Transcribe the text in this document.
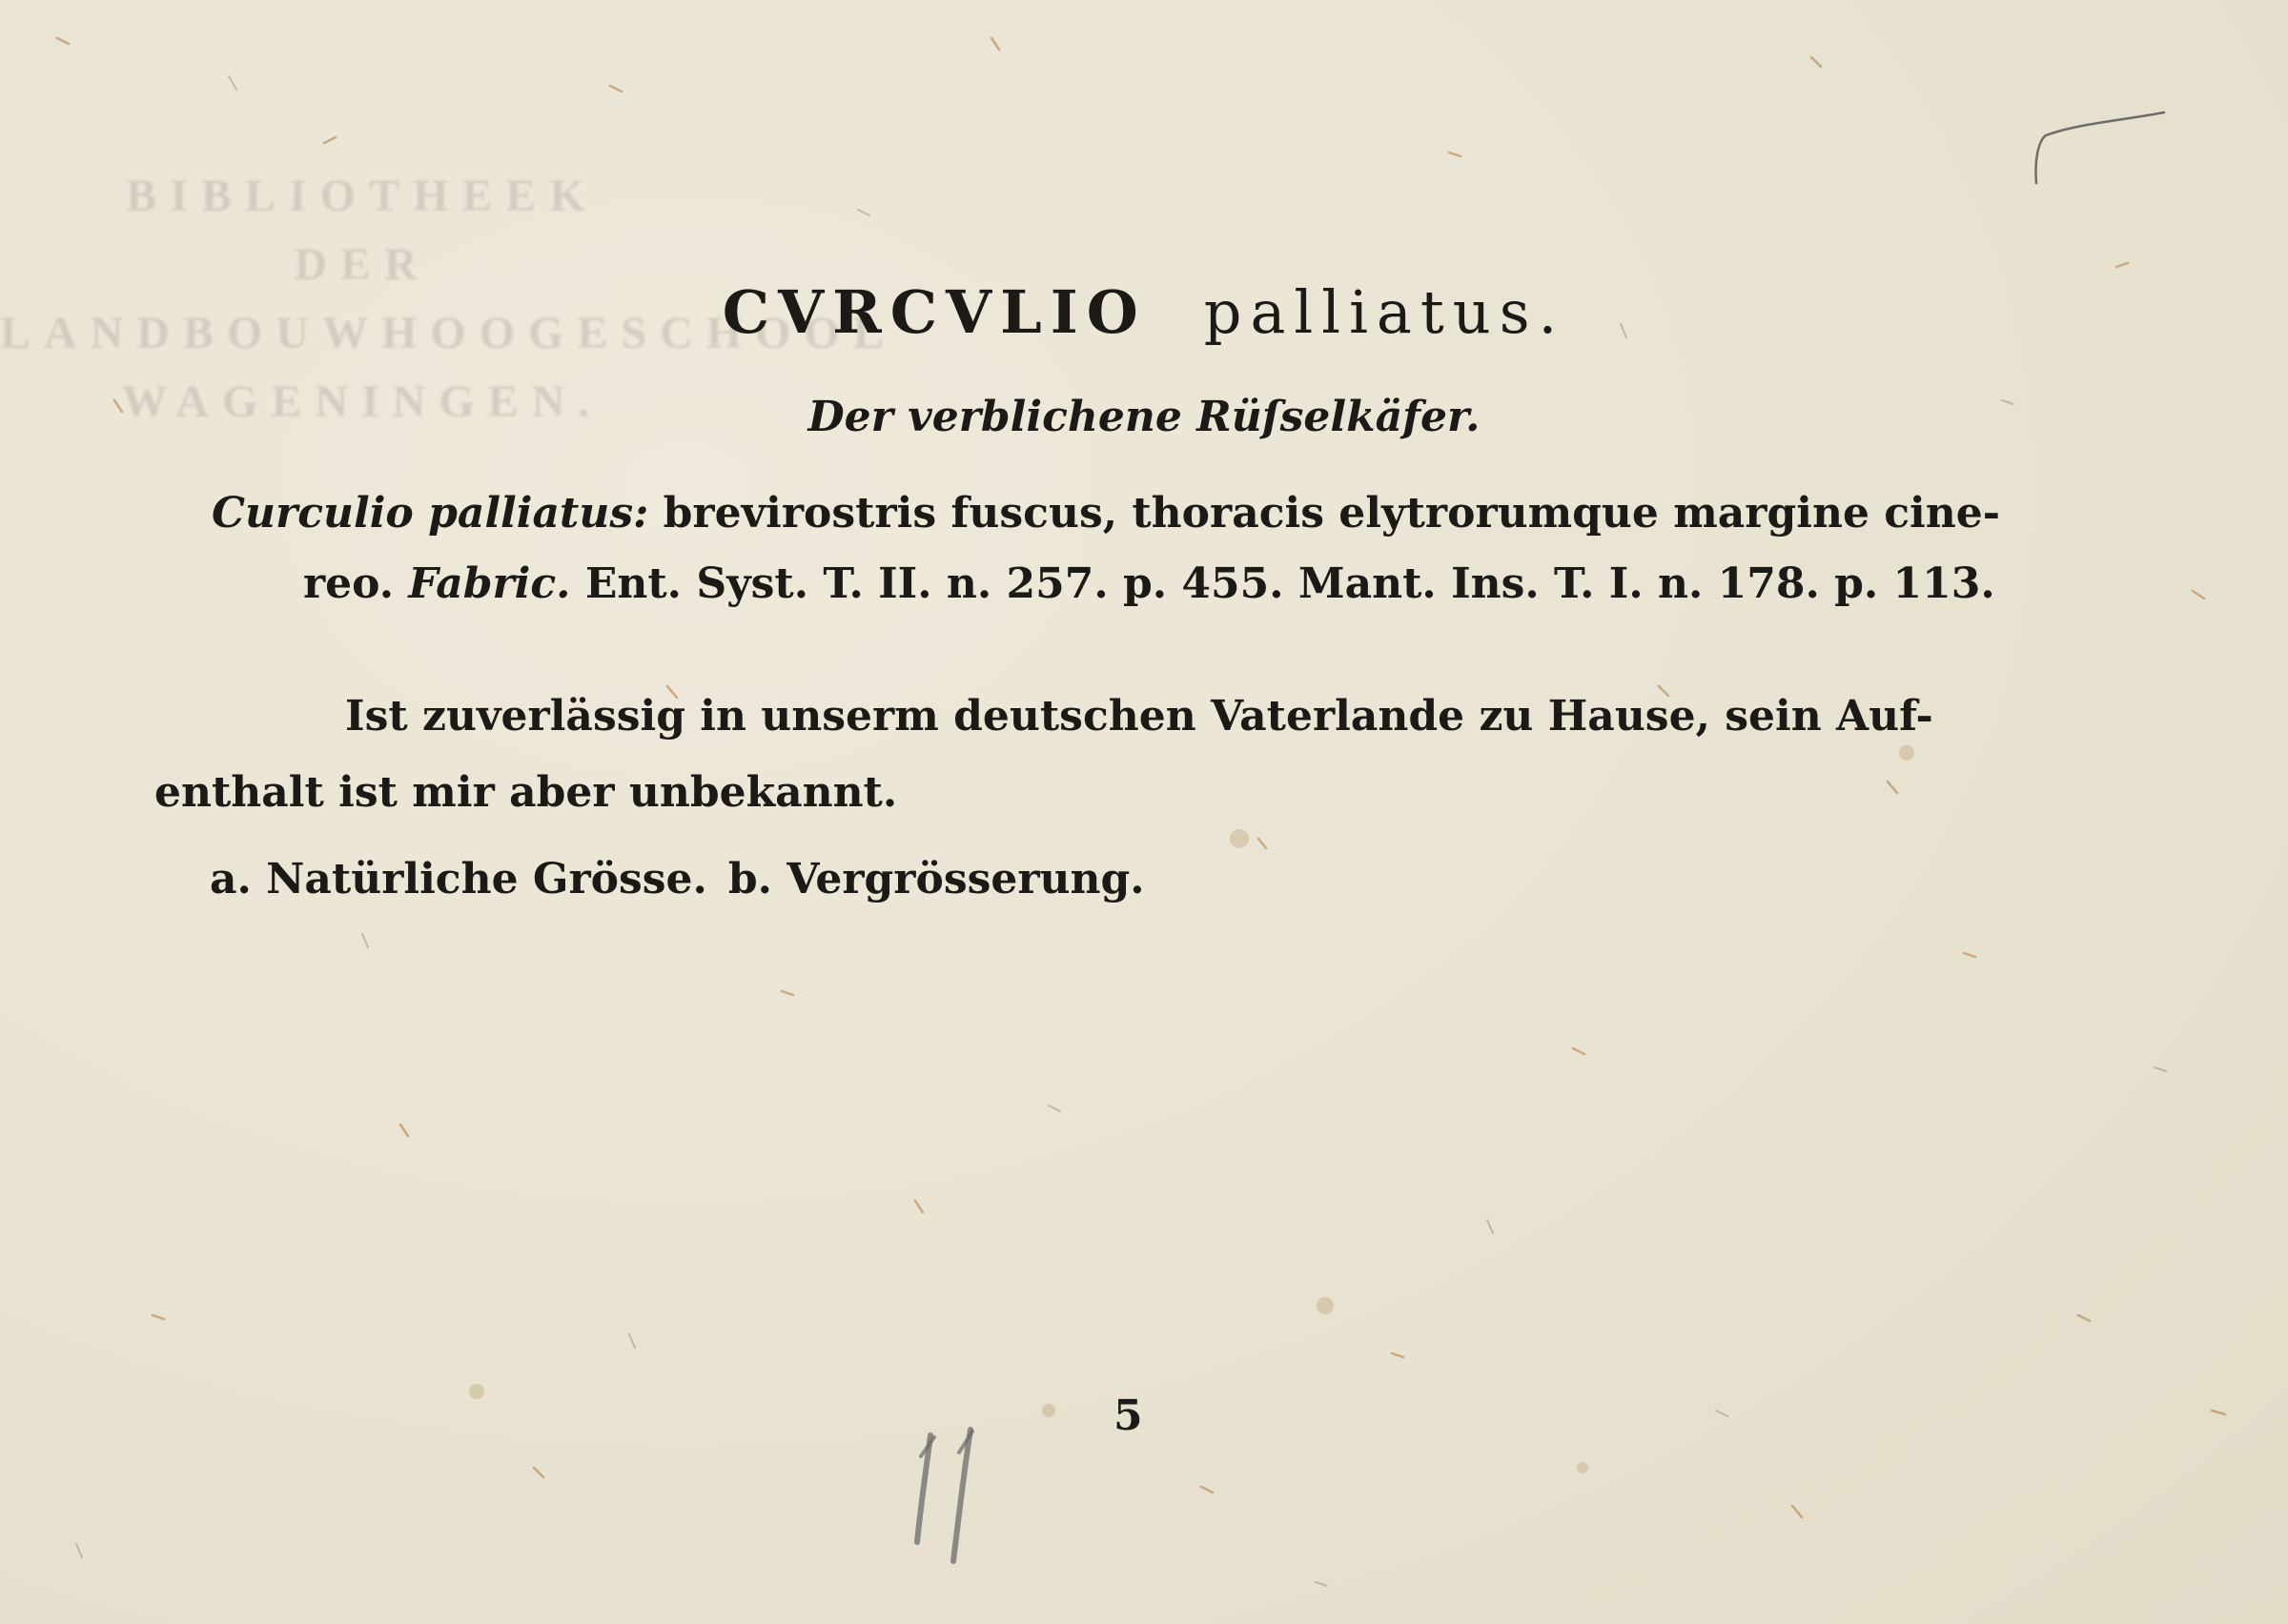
BIBLIOTHEEK
DER
LANDBOUWHOOGESCHOOL
WAGENINGEN.
CVRCVLIO palliatus.
Der verblichene Rüſselkäfer.
Curculio palliatus: brevirostris fuscus, thoracis elytrorumque margine cine-
reo. Fabric. Ent. Syst. T. II. n. 257. p. 455. Mant. Ins. T. I. n. 178. p. 113.
Ist zuverlässig in unserm deutschen Vaterlande zu Hause, sein Auf-
enthalt ist mir aber unbekannt.
a. Natürliche Grösse. b. Vergrösserung.
5
